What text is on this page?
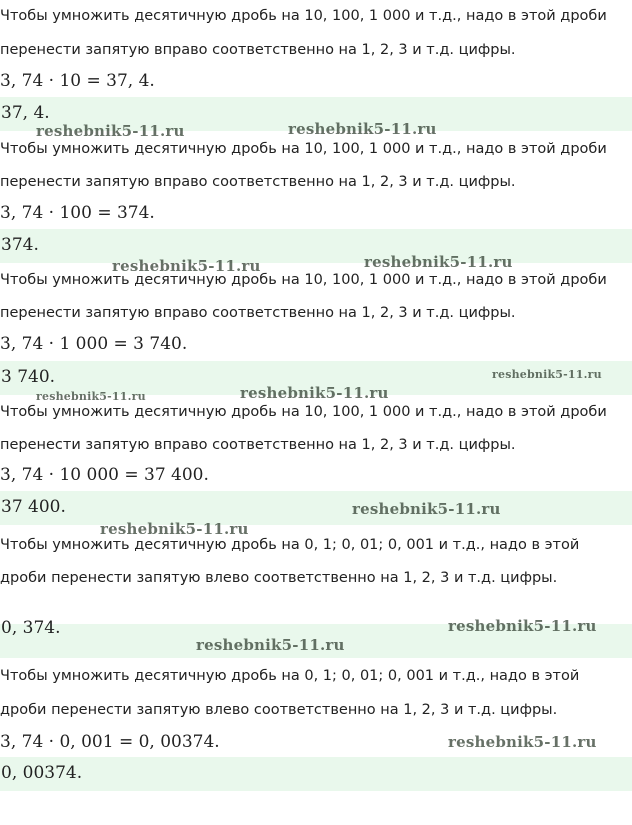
Чтобы умножить десятичную дробь на 10, 100, 1 000 и т.д., надо в этой дроби
перенести запятую вправо соответственно на 1, 2, 3 и т.д. цифры.
3, 74 · 10 = 37, 4.
37, 4.
Чтобы умножить десятичную дробь на 10, 100, 1 000 и т.д., надо в этой дроби
перенести запятую вправо соответственно на 1, 2, 3 и т.д. цифры.
3, 74 · 100 = 374.
374.
Чтобы умножить десятичную дробь на 10, 100, 1 000 и т.д., надо в этой дроби
перенести запятую вправо соответственно на 1, 2, 3 и т.д. цифры.
3, 74 · 1 000 = 3 740.
3 740.
Чтобы умножить десятичную дробь на 10, 100, 1 000 и т.д., надо в этой дроби
перенести запятую вправо соответственно на 1, 2, 3 и т.д. цифры.
3, 74 · 10 000 = 37 400.
37 400.
Чтобы умножить десятичную дробь на 0, 1; 0, 01; 0, 001 и т.д., надо в этой
дроби перенести запятую влево соответственно на 1, 2, 3 и т.д. цифры.
0, 374.
Чтобы умножить десятичную дробь на 0, 1; 0, 01; 0, 001 и т.д., надо в этой
дроби перенести запятую влево соответственно на 1, 2, 3 и т.д. цифры.
3, 74 · 0, 001 = 0, 00374.
0, 00374.
reshebnik5-11.ru	reshebnik5-11.ru
reshebnik5-11.ru	reshebnik5-11.ru
reshebnik5-11.ru
reshebnik5-11.ru	reshebnik5-11.ru
reshebnik5-11.ru
reshebnik5-11.ru
reshebnik5-11.ru
reshebnik5-11.ru
reshebnik5-11.ru
